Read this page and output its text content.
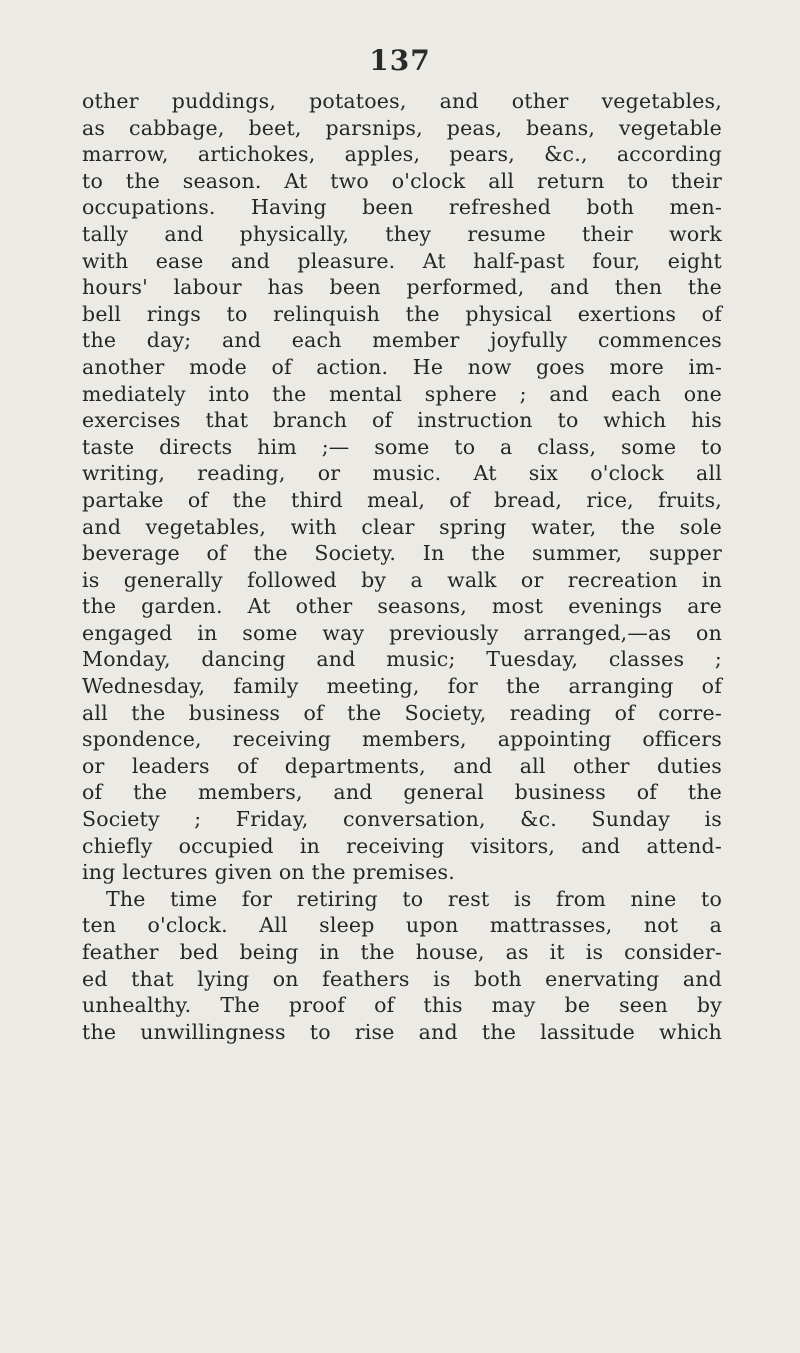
137
other puddings, potatoes, and other vegetables,
as cabbage, beet, parsnips, peas, beans, vegetable
marrow, artichokes, apples, pears, &c., according
to the season. At two o'clock all return to their
occupations. Having been refreshed both men-
tally and physically, they resume their work
with ease and pleasure. At half-past four, eight
hours' labour has been performed, and then the
bell rings to relinquish the physical exertions of
the day; and each member joyfully commences
another mode of action. He now goes more im-
mediately into the mental sphere ; and each one
exercises that branch of instruction to which his
taste directs him ;— some to a class, some to
writing, reading, or music. At six o'clock all
partake of the third meal, of bread, rice, fruits,
and vegetables, with clear spring water, the sole
beverage of the Society. In the summer, supper
is generally followed by a walk or recreation in
the garden. At other seasons, most evenings are
engaged in some way previously arranged,—as on
Monday, dancing and music; Tuesday, classes ;
Wednesday, family meeting, for the arranging of
all the business of the Society, reading of corre-
spondence, receiving members, appointing officers
or leaders of departments, and all other duties
of the members, and general business of the
Society ; Friday, conversation, &c. Sunday is
chiefly occupied in receiving visitors, and attend-
ing lectures given on the premises.
The time for retiring to rest is from nine to
ten o'clock. All sleep upon mattrasses, not a
feather bed being in the house, as it is consider-
ed that lying on feathers is both enervating and
unhealthy. The proof of this may be seen by
the unwillingness to rise and the lassitude which
